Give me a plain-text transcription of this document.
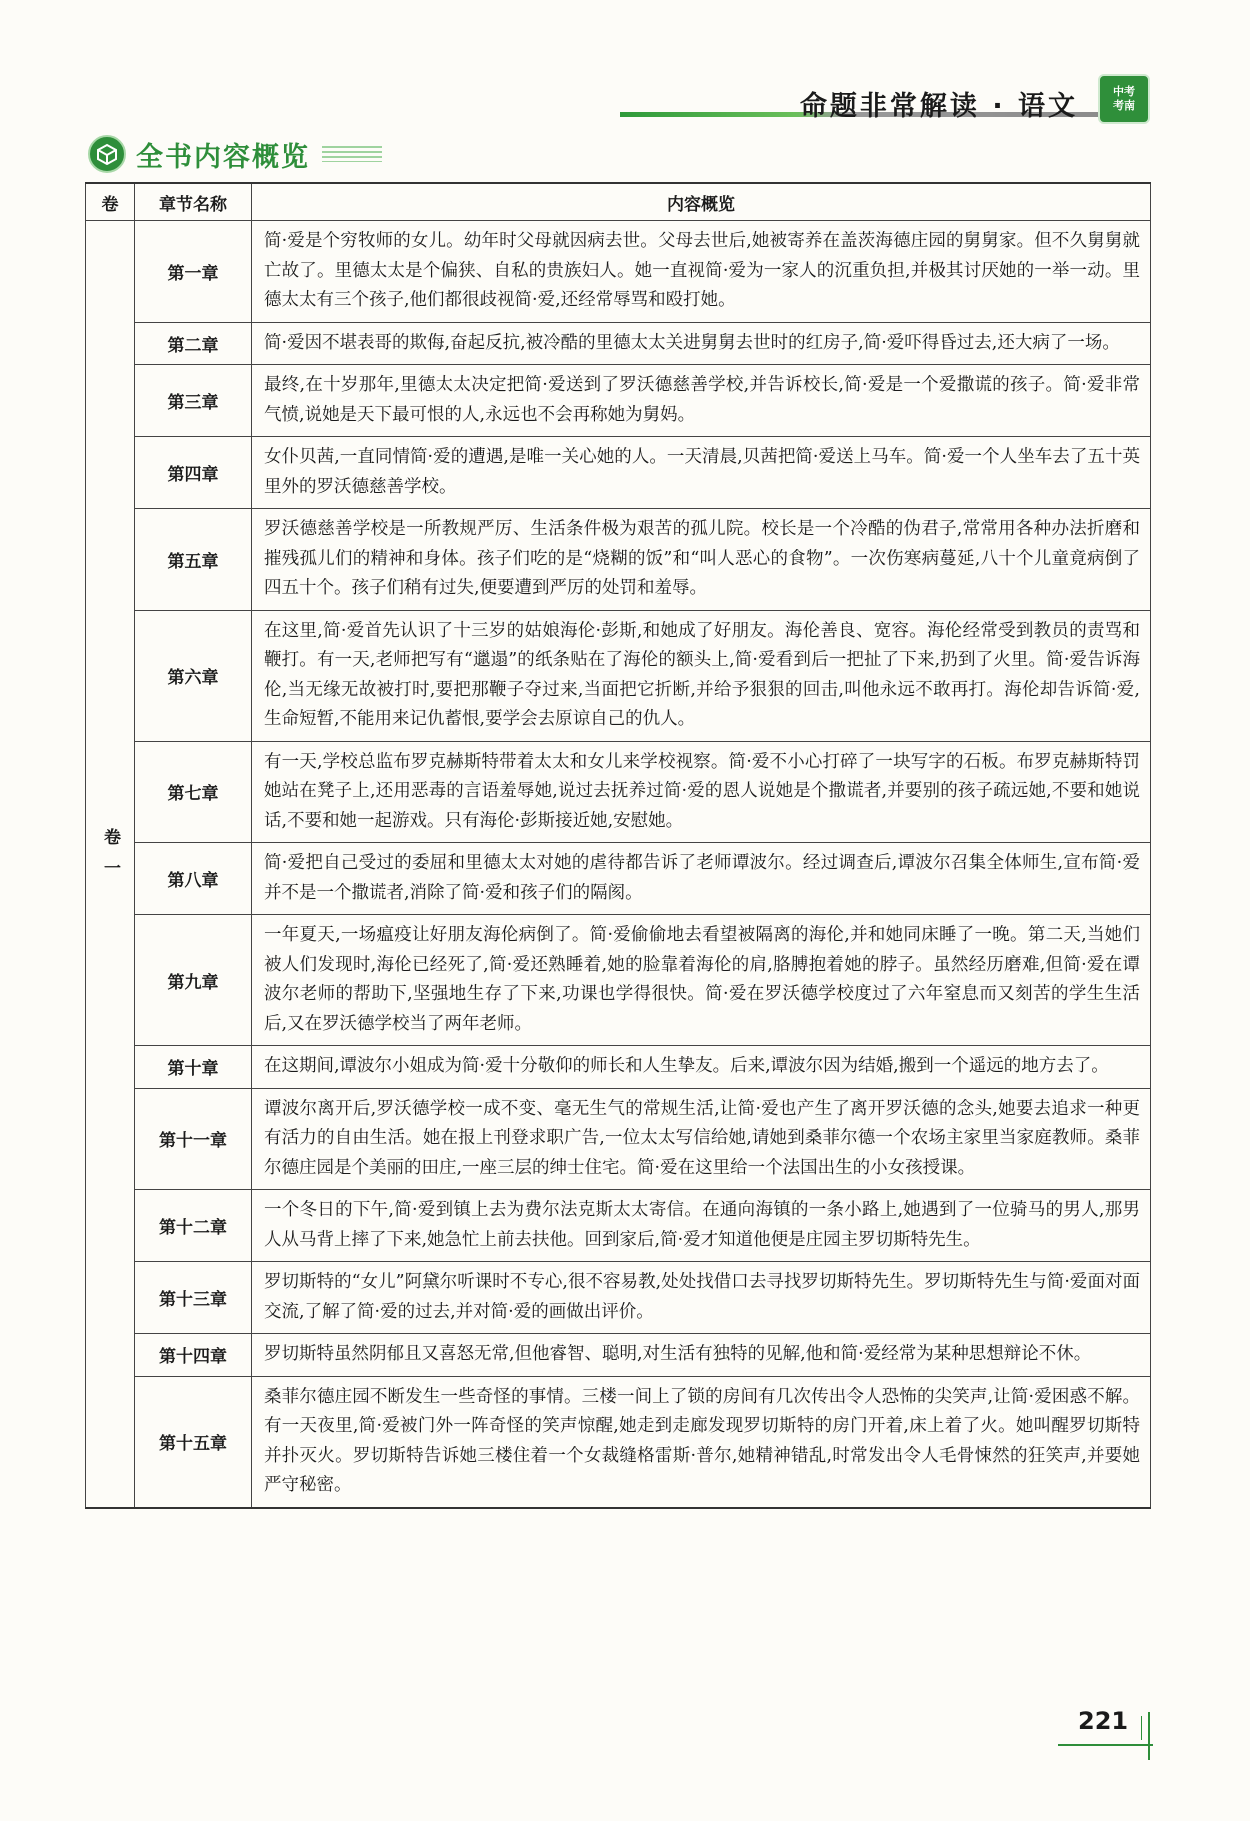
命题非常解读 · 语文	中考
考南
全书内容概览
卷	章节名称	内容概览
卷一	第一章	简·爱是个穷牧师的女儿。幼年时父母就因病去世。父母去世后,她被寄养在盖茨海德庄园的舅舅家。但不久舅舅就亡故了。里德太太是个偏狭、自私的贵族妇人。她一直视简·爱为一家人的沉重负担,并极其讨厌她的一举一动。里德太太有三个孩子,他们都很歧视简·爱,还经常辱骂和殴打她。
	第二章	简·爱因不堪表哥的欺侮,奋起反抗,被冷酷的里德太太关进舅舅去世时的红房子,简·爱吓得昏过去,还大病了一场。
	第三章	最终,在十岁那年,里德太太决定把简·爱送到了罗沃德慈善学校,并告诉校长,简·爱是一个爱撒谎的孩子。简·爱非常气愤,说她是天下最可恨的人,永远也不会再称她为舅妈。
	第四章	女仆贝茜,一直同情简·爱的遭遇,是唯一关心她的人。一天清晨,贝茜把简·爱送上马车。简·爱一个人坐车去了五十英里外的罗沃德慈善学校。
	第五章	罗沃德慈善学校是一所教规严厉、生活条件极为艰苦的孤儿院。校长是一个冷酷的伪君子,常常用各种办法折磨和摧残孤儿们的精神和身体。孩子们吃的是“烧糊的饭”和“叫人恶心的食物”。一次伤寒病蔓延,八十个儿童竟病倒了四五十个。孩子们稍有过失,便要遭到严厉的处罚和羞辱。
	第六章	在这里,简·爱首先认识了十三岁的姑娘海伦·彭斯,和她成了好朋友。海伦善良、宽容。海伦经常受到教员的责骂和鞭打。有一天,老师把写有“邋遢”的纸条贴在了海伦的额头上,简·爱看到后一把扯了下来,扔到了火里。简·爱告诉海伦,当无缘无故被打时,要把那鞭子夺过来,当面把它折断,并给予狠狠的回击,叫他永远不敢再打。海伦却告诉简·爱,生命短暂,不能用来记仇蓄恨,要学会去原谅自己的仇人。
	第七章	有一天,学校总监布罗克赫斯特带着太太和女儿来学校视察。简·爱不小心打碎了一块写字的石板。布罗克赫斯特罚她站在凳子上,还用恶毒的言语羞辱她,说过去抚养过简·爱的恩人说她是个撒谎者,并要别的孩子疏远她,不要和她说话,不要和她一起游戏。只有海伦·彭斯接近她,安慰她。
	第八章	简·爱把自己受过的委屈和里德太太对她的虐待都告诉了老师谭波尔。经过调查后,谭波尔召集全体师生,宣布简·爱并不是一个撒谎者,消除了简·爱和孩子们的隔阂。
	第九章	一年夏天,一场瘟疫让好朋友海伦病倒了。简·爱偷偷地去看望被隔离的海伦,并和她同床睡了一晚。第二天,当她们被人们发现时,海伦已经死了,简·爱还熟睡着,她的脸靠着海伦的肩,胳膊抱着她的脖子。虽然经历磨难,但简·爱在谭波尔老师的帮助下,坚强地生存了下来,功课也学得很快。简·爱在罗沃德学校度过了六年窒息而又刻苦的学生生活后,又在罗沃德学校当了两年老师。
	第十章	在这期间,谭波尔小姐成为简·爱十分敬仰的师长和人生挚友。后来,谭波尔因为结婚,搬到一个遥远的地方去了。
	第十一章	谭波尔离开后,罗沃德学校一成不变、毫无生气的常规生活,让简·爱也产生了离开罗沃德的念头,她要去追求一种更有活力的自由生活。她在报上刊登求职广告,一位太太写信给她,请她到桑菲尔德一个农场主家里当家庭教师。桑菲尔德庄园是个美丽的田庄,一座三层的绅士住宅。简·爱在这里给一个法国出生的小女孩授课。
	第十二章	一个冬日的下午,简·爱到镇上去为费尔法克斯太太寄信。在通向海镇的一条小路上,她遇到了一位骑马的男人,那男人从马背上摔了下来,她急忙上前去扶他。回到家后,简·爱才知道他便是庄园主罗切斯特先生。
	第十三章	罗切斯特的“女儿”阿黛尔听课时不专心,很不容易教,处处找借口去寻找罗切斯特先生。罗切斯特先生与简·爱面对面交流,了解了简·爱的过去,并对简·爱的画做出评价。
	第十四章	罗切斯特虽然阴郁且又喜怒无常,但他睿智、聪明,对生活有独特的见解,他和简·爱经常为某种思想辩论不休。
	第十五章	桑菲尔德庄园不断发生一些奇怪的事情。三楼一间上了锁的房间有几次传出令人恐怖的尖笑声,让简·爱困惑不解。有一天夜里,简·爱被门外一阵奇怪的笑声惊醒,她走到走廊发现罗切斯特的房门开着,床上着了火。她叫醒罗切斯特并扑灭火。罗切斯特告诉她三楼住着一个女裁缝格雷斯·普尔,她精神错乱,时常发出令人毛骨悚然的狂笑声,并要她严守秘密。
221
